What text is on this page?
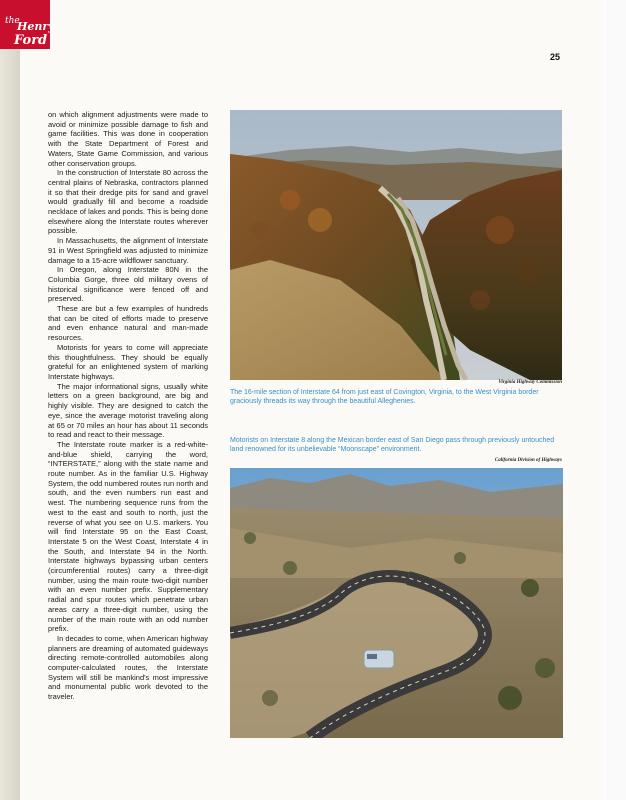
the
Henry
Ford
25

on which alignment adjustments were made to avoid or minimize possible damage to fish and game facilities. This was done in cooperation with the State Department of Forest and Waters, State Game Commission, and various other conservation groups.

In the construction of Interstate 80 across the central plains of Nebraska, contractors planned it so that their dredge pits for sand and gravel would gradually fill and become a roadside necklace of lakes and ponds. This is being done elsewhere along the Interstate routes wherever possible.

In Massachusetts, the alignment of Interstate 91 in West Springfield was adjusted to minimize damage to a 15-acre wildflower sanctuary.

In Oregon, along Interstate 80N in the Columbia Gorge, three old military ovens of historical significance were fenced off and preserved.

These are but a few examples of hundreds that can be cited of efforts made to preserve and even enhance natural and man-made resources.

Motorists for years to come will appreciate this thoughtfulness. They should be equally grateful for an enlightened system of marking Interstate highways.

The major informational signs, usually white letters on a green background, are big and highly visible. They are designed to catch the eye, since the average motorist traveling along at 65 or 70 miles an hour has about 11 seconds to read and react to their message.

The Interstate route marker is a red-white-and-blue shield, carrying the word, “INTERSTATE,” along with the state name and route number. As in the familiar U.S. Highway System, the odd numbered routes run north and south, and the even numbers run east and west. The numbering sequence runs from the west to the east and south to north, just the reverse of what you see on U.S. markers. You will find Interstate 95 on the East Coast, Interstate 5 on the West Coast, Interstate 4 in the South, and Interstate 94 in the North. Interstate highways bypassing urban centers (circumferential routes) carry a three-digit number, using the main route two-digit number with an even number prefix. Supplementary radial and spur routes which penetrate urban areas carry a three-digit number, using the number of the main route with an odd number prefix.

In decades to come, when American highway planners are dreaming of automated guideways directing remote-controlled automobiles along computer-calculated routes, the Interstate System will still be mankind's most impressive and monumental public work devoted to the traveler.

Virginia Highway Commission
The 16-mile section of Interstate 64 from just east of Covington, Virginia, to the West Virginia border graciously threads its way through the beautiful Alleghenies.
Motorists on Interstate 8 along the Mexican border east of San Diego pass through previously untouched land renowned for its unbelievable “Moonscape” environment.
California Division of Highways
